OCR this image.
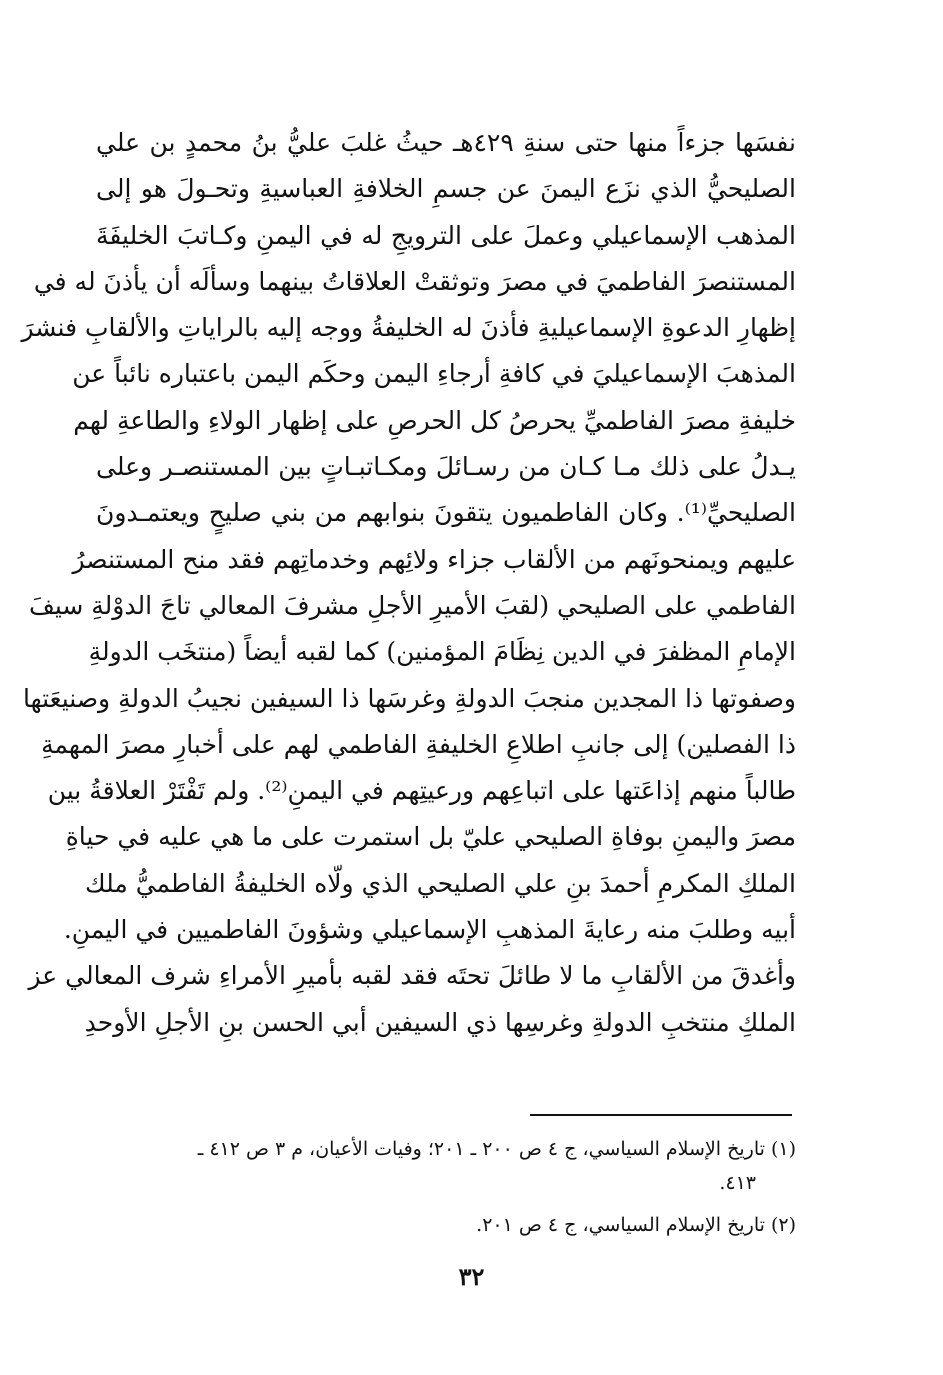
نفسَها جزءاً منها حتى سنةِ ٤٢٩هـ حيثُ غلبَ عليُّ بنُ محمدٍ بن علي
الصليحيُّ الذي نزَع اليمنَ عن جسمِ الخلافةِ العباسيةِ وتحـولَ هو إلى
المذهب الإسماعيلي وعملَ على الترويجِ له في اليمنِ وكـاتبَ الخليفَةَ
المستنصرَ الفاطميَ في مصرَ وتوثقتْ العلاقاتُ بينهما وسألَه أن يأذنَ له في
إظهارِ الدعوةِ الإسماعيليةِ فأذنَ له الخليفةُ ووجه إليه بالراياتِ والألقابِ فنشرَ
المذهبَ الإسماعيليَ في كافةِ أرجاءِ اليمن وحكَم اليمن باعتباره نائباً عن
خليفةِ مصرَ الفاطميِّ يحرصُ كل الحرصِ على إظهار الولاءِ والطاعةِ لهم
يـدلُ على ذلك مـا كـان من رسـائلَ ومكـاتبـاتٍ بين المستنصـر وعلى
الصليحيِّ⁽¹⁾. وكان الفاطميون يتقونَ بنوابهم من بني صليحٍ ويعتمـدونَ
عليهم ويمنحونَهم من الألقاب جزاء ولائِهم وخدماتِهم فقد منح المستنصرُ
الفاطمي على الصليحي (لقبَ الأميرِ الأجلِ مشرفَ المعالي تاجَ الدوْلةِ سيفَ
الإمامِ المظفرَ في الدين نِظَامَ المؤمنين) كما لقبه أيضاً (منتخَب الدولةِ
وصفوتها ذا المجدين منجبَ الدولةِ وغرسَها ذا السيفين نجيبُ الدولةِ وصنيعَتها
ذا الفصلين) إلى جانبِ اطلاعِ الخليفةِ الفاطمي لهم على أخبارِ مصرَ المهمةِ
طالباً منهم إذاعَتها على اتباعِهم ورعيتِهم في اليمنِ⁽²⁾. ولم تَفْتَرْ العلاقةُ بين
مصرَ واليمنِ بوفاةِ الصليحي عليّ بل استمرت على ما هي عليه في حياةِ
الملكِ المكرمِ أحمدَ بنِ علي الصليحي الذي ولّاه الخليفةُ الفاطميُّ ملك
أبيه وطلبَ منه رعايةَ المذهبِ الإسماعيلي وشؤونَ الفاطميين في اليمنِ.
وأغدقَ من الألقابِ ما لا طائلَ تحتَه فقد لقبه بأميرِ الأمراءِ شرف المعالي عز
الملكِ منتخبِ الدولةِ وغرسِها ذي السيفين أبي الحسن بنِ الأجلِ الأوحدِ
(١) تاريخ الإسلام السياسي، ج ٤ ص ٢٠٠ ـ ٢٠١؛ وفيات الأعيان، م ٣ ص ٤١٢ ـ
٤١٣.
(٢) تاريخ الإسلام السياسي، ج ٤ ص ٢٠١.
٣٢
